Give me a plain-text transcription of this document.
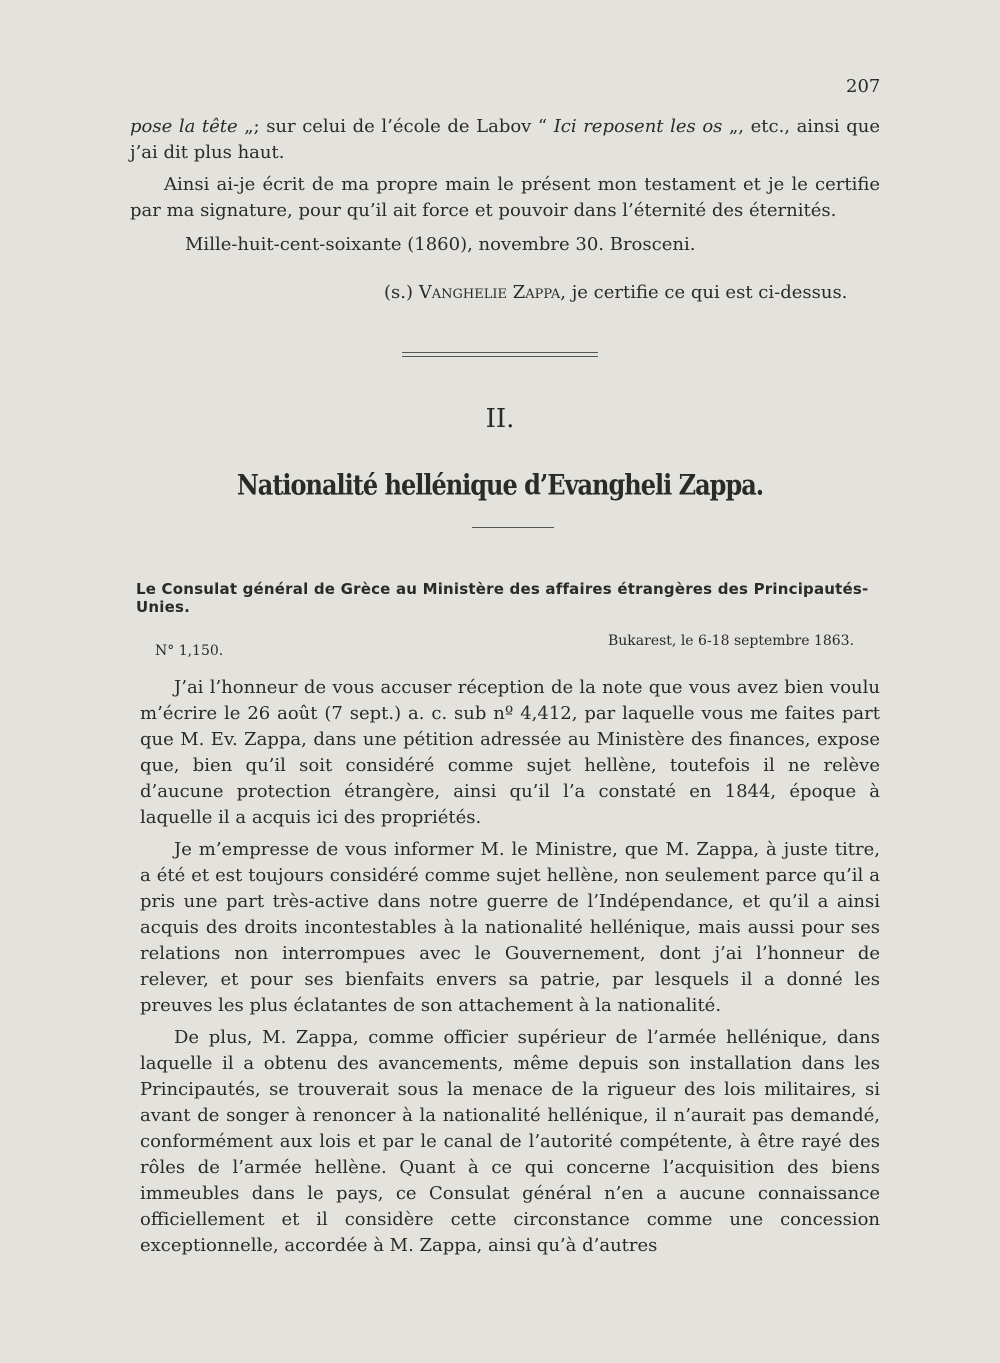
207

pose la tête „; sur celui de l’école de Labov “ Ici reposent les os „, etc., ainsi que j’ai dit plus haut.

Ainsi ai-je écrit de ma propre main le présent mon testament et je le certifie par ma signature, pour qu’il ait force et pouvoir dans l’éternité des éternités.

Mille-huit-cent-soixante (1860), novembre 30. Brosceni.

(s.) Vanghelie Zappa, je certifie ce qui est ci-dessus.
II.
Nationalité hellénique d’Evangheli Zappa.
Le Consulat général de Grèce au Ministère des affaires étrangères des Principautés-Unies.
N° 1,150.
Bukarest, le 6-18 septembre 1863.

J’ai l’honneur de vous accuser réception de la note que vous avez bien voulu m’écrire le 26 août (7 sept.) a. c. sub nº 4,412, par laquelle vous me faites part que M. Ev. Zappa, dans une pétition adressée au Ministère des finances, expose que, bien qu’il soit considéré comme sujet hellène, toutefois il ne relève d’aucune protection étrangère, ainsi qu’il l’a constaté en 1844, époque à laquelle il a acquis ici des propriétés.

Je m’empresse de vous informer M. le Ministre, que M. Zappa, à juste titre, a été et est toujours considéré comme sujet hellène, non seulement parce qu’il a pris une part très-active dans notre guerre de l’Indépendance, et qu’il a ainsi acquis des droits incontestables à la nationalité hellénique, mais aussi pour ses relations non interrompues avec le Gouvernement, dont j’ai l’honneur de relever, et pour ses bienfaits envers sa patrie, par lesquels il a donné les preuves les plus éclatantes de son attachement à la nationalité.

De plus, M. Zappa, comme officier supérieur de l’armée hellénique, dans laquelle il a obtenu des avancements, même depuis son installation dans les Principautés, se trouverait sous la menace de la rigueur des lois militaires, si avant de songer à renoncer à la nationalité hellénique, il n’aurait pas demandé, conformément aux lois et par le canal de l’autorité compétente, à être rayé des rôles de l’armée hellène. Quant à ce qui concerne l’acquisition des biens immeubles dans le pays, ce Consulat général n’en a aucune connaissance officiellement et il considère cette circonstance comme une concession exceptionnelle, accordée à M. Zappa, ainsi qu’à d’autres
